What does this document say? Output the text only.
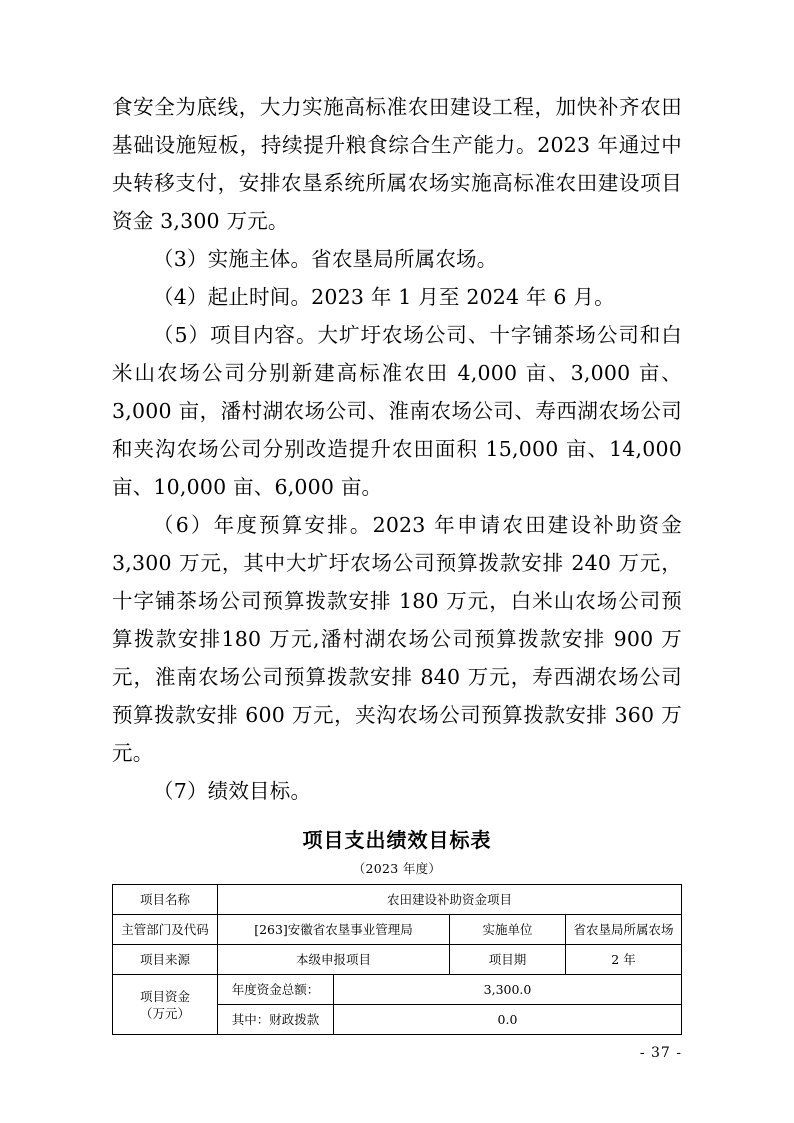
食安全为底线，大力实施高标准农田建设工程，加快补齐农田基础设施短板，持续提升粮食综合生产能力。2023 年通过中央转移支付，安排农垦系统所属农场实施高标准农田建设项目资金 3,300 万元。

（3）实施主体。省农垦局所属农场。

（4）起止时间。2023 年 1 月至 2024 年 6 月。

（5）项目内容。大圹圩农场公司、十字铺茶场公司和白米山农场公司分别新建高标准农田 4,000 亩、3,000 亩、3,000 亩，潘村湖农场公司、淮南农场公司、寿西湖农场公司和夹沟农场公司分别改造提升农田面积 15,000 亩、14,000 亩、10,000 亩、6,000 亩。

（6）年度预算安排。2023 年申请农田建设补助资金 3,300 万元，其中大圹圩农场公司预算拨款安排 240 万元，十字铺茶场公司预算拨款安排 180 万元，白米山农场公司预算拨款安排180 万元,潘村湖农场公司预算拨款安排 900 万元，淮南农场公司预算拨款安排 840 万元，寿西湖农场公司预算拨款安排 600 万元，夹沟农场公司预算拨款安排 360 万元。

（7）绩效目标。

项目支出绩效目标表
（2023 年度）
项目名称	农田建设补助资金项目			
主管部门及代码	[263]安徽省农垦事业管理局		实施单位	省农垦局所属农场
项目来源	本级申报项目		项目期	2 年
项目资金
（万元）	年度资金总额：	3,300.0		
	其中：财政拨款	0.0		
- 37 -
